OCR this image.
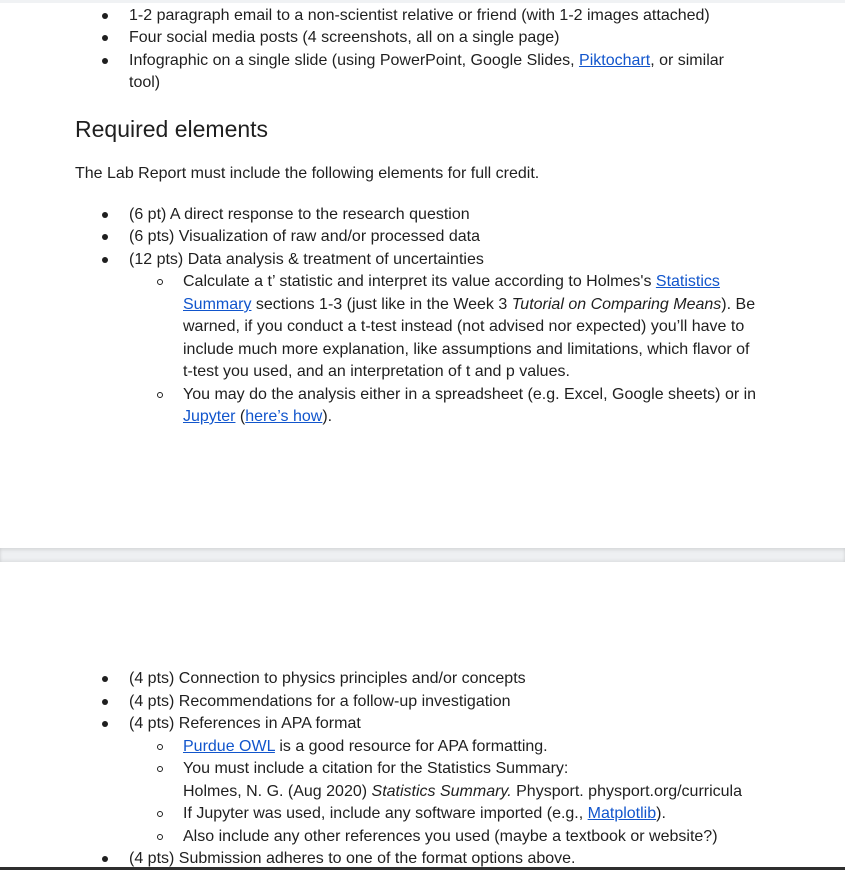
1-2 paragraph email to a non-scientist relative or friend (with 1-2 images attached)
Four social media posts (4 screenshots, all on a single page)
Infographic on a single slide (using PowerPoint, Google Slides, Piktochart, or similar
tool)
Required elements
The Lab Report must include the following elements for full credit.
(6 pt) A direct response to the research question
(6 pts) Visualization of raw and/or processed data
(12 pts) Data analysis & treatment of uncertainties
Calculate a t’ statistic and interpret its value according to Holmes's Statistics
Summary sections 1-3 (just like in the Week 3 Tutorial on Comparing Means). Be
warned, if you conduct a t-test instead (not advised nor expected) you’ll have to
include much more explanation, like assumptions and limitations, which flavor of
t-test you used, and an interpretation of t and p values.
You may do the analysis either in a spreadsheet (e.g. Excel, Google sheets) or in
Jupyter (here’s how).
(4 pts) Connection to physics principles and/or concepts
(4 pts) Recommendations for a follow-up investigation
(4 pts) References in APA format
Purdue OWL is a good resource for APA formatting.
You must include a citation for the Statistics Summary:
Holmes, N. G. (Aug 2020) Statistics Summary. Physport. physport.org/curricula
If Jupyter was used, include any software imported (e.g., Matplotlib).
Also include any other references you used (maybe a textbook or website?)
(4 pts) Submission adheres to one of the format options above.
